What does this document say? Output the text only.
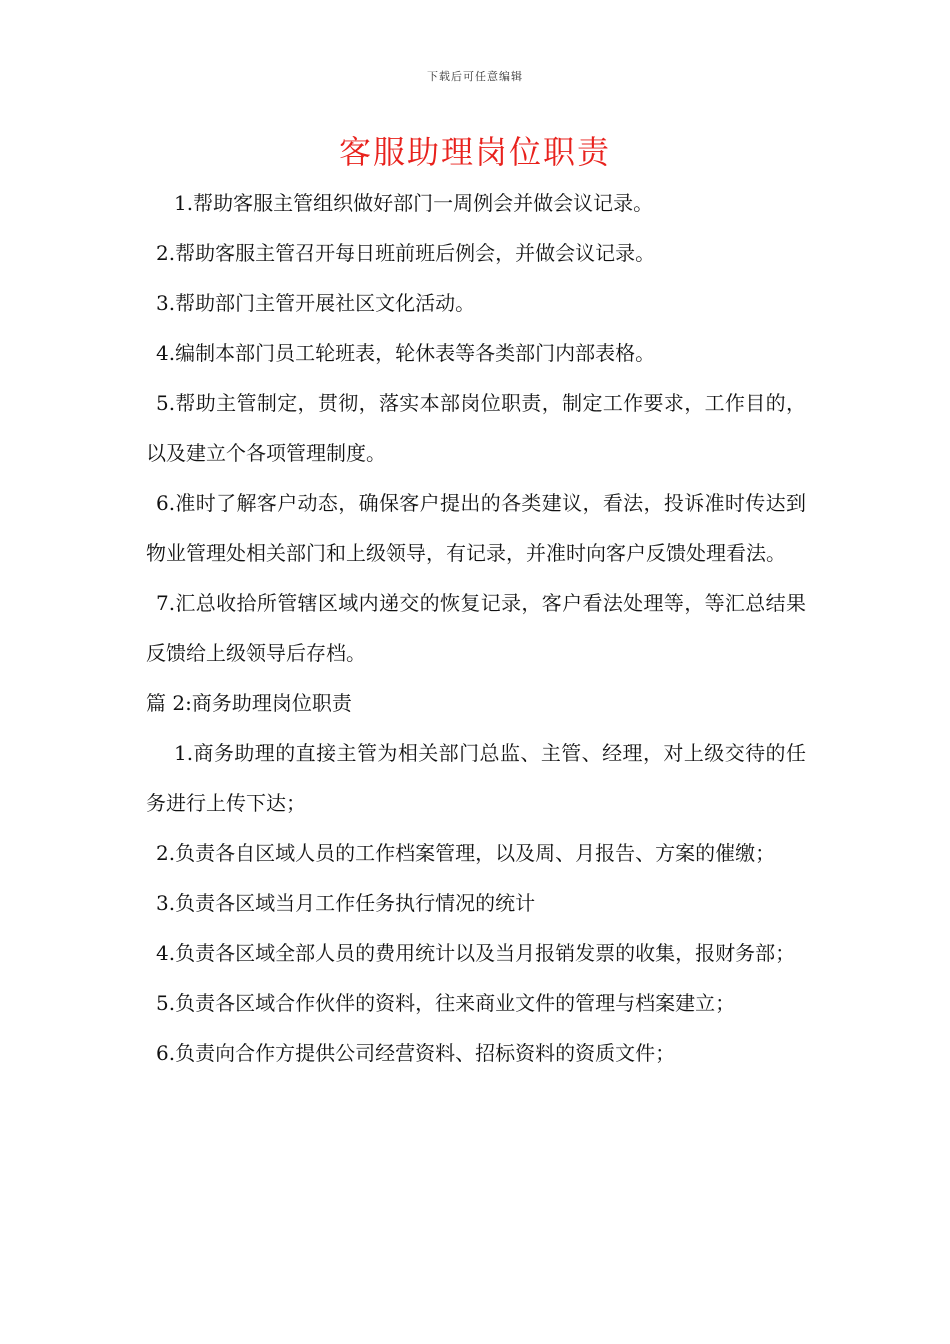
下载后可任意编辑
客服助理岗位职责

1.帮助客服主管组织做好部门一周例会并做会议记录。

2.帮助客服主管召开每日班前班后例会，并做会议记录。

3.帮助部门主管开展社区文化活动。

4.编制本部门员工轮班表，轮休表等各类部门内部表格。

5.帮助主管制定，贯彻，落实本部岗位职责，制定工作要求，工作目的，以及建立个各项管理制度。

6.准时了解客户动态，确保客户提出的各类建议，看法，投诉准时传达到物业管理处相关部门和上级领导，有记录，并准时向客户反馈处理看法。

7.汇总收拾所管辖区域内递交的恢复记录，客户看法处理等，等汇总结果反馈给上级领导后存档。

篇 2:商务助理岗位职责

1.商务助理的直接主管为相关部门总监、主管、经理，对上级交待的任务进行上传下达；

2.负责各自区域人员的工作档案管理，以及周、月报告、方案的催缴；

3.负责各区域当月工作任务执行情况的统计

4.负责各区域全部人员的费用统计以及当月报销发票的收集，报财务部；

5.负责各区域合作伙伴的资料，往来商业文件的管理与档案建立；

6.负责向合作方提供公司经营资料、招标资料的资质文件；
